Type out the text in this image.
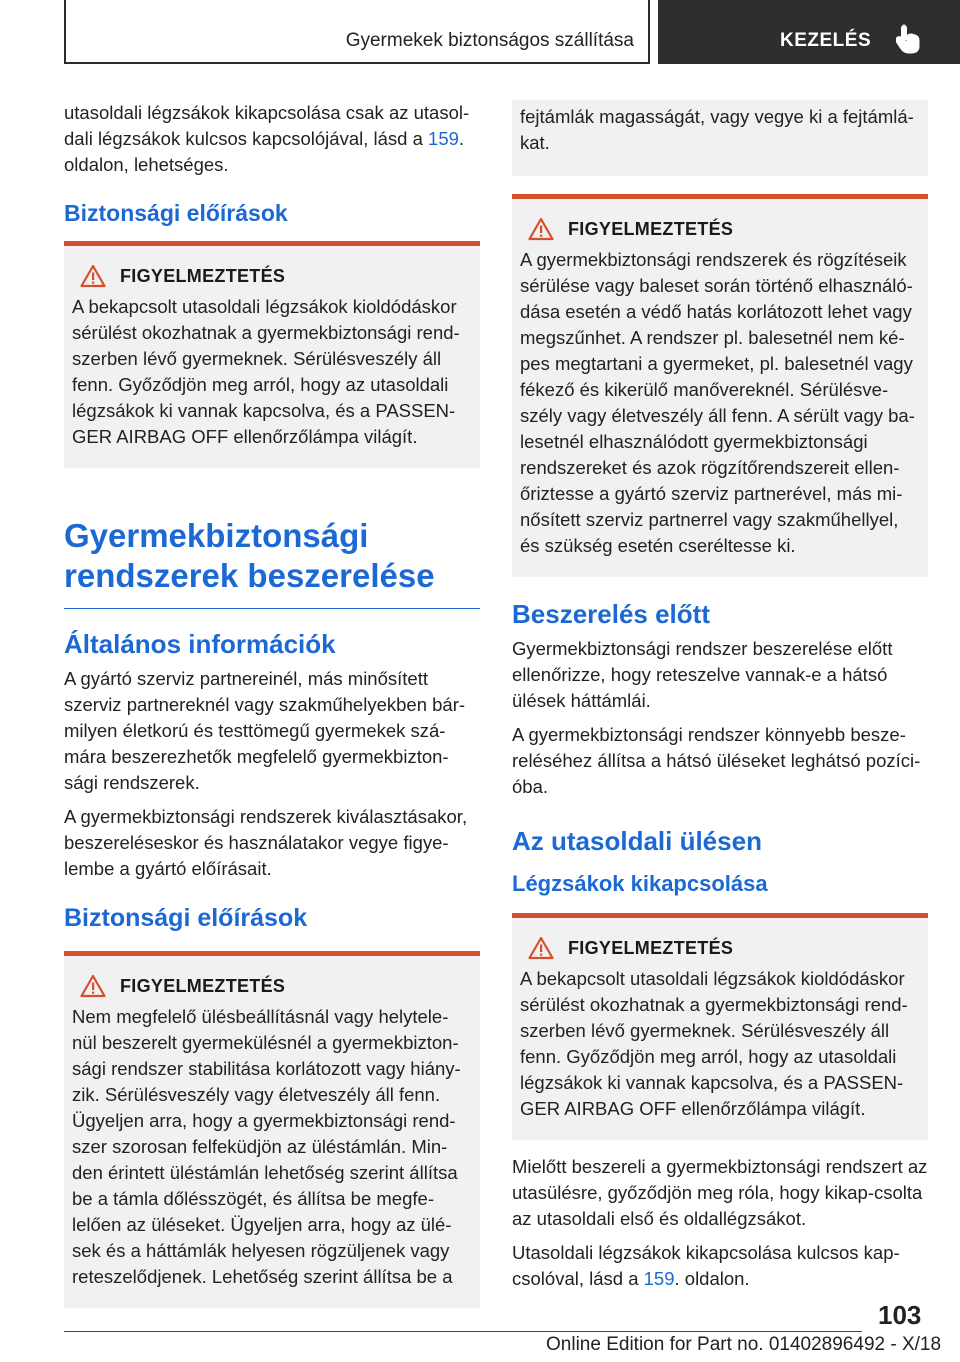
Gyermekek biztonságos szállítása	KEZELÉS

utasoldali légzsákok kikapcsolása csak az utasol-dali légzsákok kulcsos kapcsolójával, lásd a 159. oldalon, lehetséges.

Biztonsági előírások
FIGYELMEZTETÉS
A bekapcsolt utasoldali légzsákok kioldódáskor sérülést okozhatnak a gyermekbiztonsági rend-szerben lévő gyermeknek. Sérülésveszély áll fenn. Győződjön meg arról, hogy az utasoldali légzsákok ki vannak kapcsolva, és a PASSEN-GER AIRBAG OFF ellenőrzőlámpa világít.
Gyermekbiztonsági rendszerek beszerelése
Általános információk

A gyártó szerviz partnereinél, más minősített szerviz partnereknél vagy szakműhelyekben bár-milyen életkorú és testtömegű gyermekek szá-mára beszerezhetők megfelelő gyermekbizton-sági rendszerek.

A gyermekbiztonsági rendszerek kiválasztásakor, beszereléseskor és használatakor vegye figye-lembe a gyártó előírásait.

Biztonsági előírások
FIGYELMEZTETÉS
Nem megfelelő ülésbeállításnál vagy helytele-nül beszerelt gyermekülésnél a gyermekbizton-sági rendszer stabilitása korlátozott vagy hiány-zik. Sérülésveszély vagy életveszély áll fenn. Ügyeljen arra, hogy a gyermekbiztonsági rend-szer szorosan felfeküdjön az üléstámlán. Min-den érintett üléstámlán lehetőség szerint állítsa be a támla dőlésszögét, és állítsa be megfe-lelően az üléseket. Ügyeljen arra, hogy az ülé-sek és a háttámlák helyesen rögzüljenek vagy reteszelődjenek. Lehetőség szerint állítsa be a
fejtámlák magasságát, vagy vegye ki a fejtámlá-kat.
FIGYELMEZTETÉS
A gyermekbiztonsági rendszerek és rögzítéseik sérülése vagy baleset során történő elhasználó-dása esetén a védő hatás korlátozott lehet vagy megszűnhet. A rendszer pl. balesetnél nem ké-pes megtartani a gyermeket, pl. balesetnél vagy fékező és kikerülő manővereknél. Sérülésve-szély vagy életveszély áll fenn. A sérült vagy ba-lesetnél elhasználódott gyermekbiztonsági rendszereket és azok rögzítőrendszereit ellen-őriztesse a gyártó szerviz partnerével, más mi-nősített szerviz partnerrel vagy szakműhellyel, és szükség esetén cseréltesse ki.
Beszerelés előtt

Gyermekbiztonsági rendszer beszerelése előtt ellenőrizze, hogy reteszelve vannak-e a hátsó ülések háttámlái.

A gyermekbiztonsági rendszer könnyebb besze-reléséhez állítsa a hátsó üléseket leghátsó pozíci-óba.

Az utasoldali ülésen
Légzsákok kikapcsolása
FIGYELMEZTETÉS
A bekapcsolt utasoldali légzsákok kioldódáskor sérülést okozhatnak a gyermekbiztonsági rend-szerben lévő gyermeknek. Sérülésveszély áll fenn. Győződjön meg arról, hogy az utasoldali légzsákok ki vannak kapcsolva, és a PASSEN-GER AIRBAG OFF ellenőrzőlámpa világít.

Mielőtt beszereli a gyermekbiztonsági rendszert az utasülésre, győződjön meg róla, hogy kikap-csolta az utasoldali első és oldallégzsákot.

Utasoldali légzsákok kikapcsolása kulcsos kap-csolóval, lásd a 159. oldalon.

103
Online Edition for Part no. 01402896492 - X/18
